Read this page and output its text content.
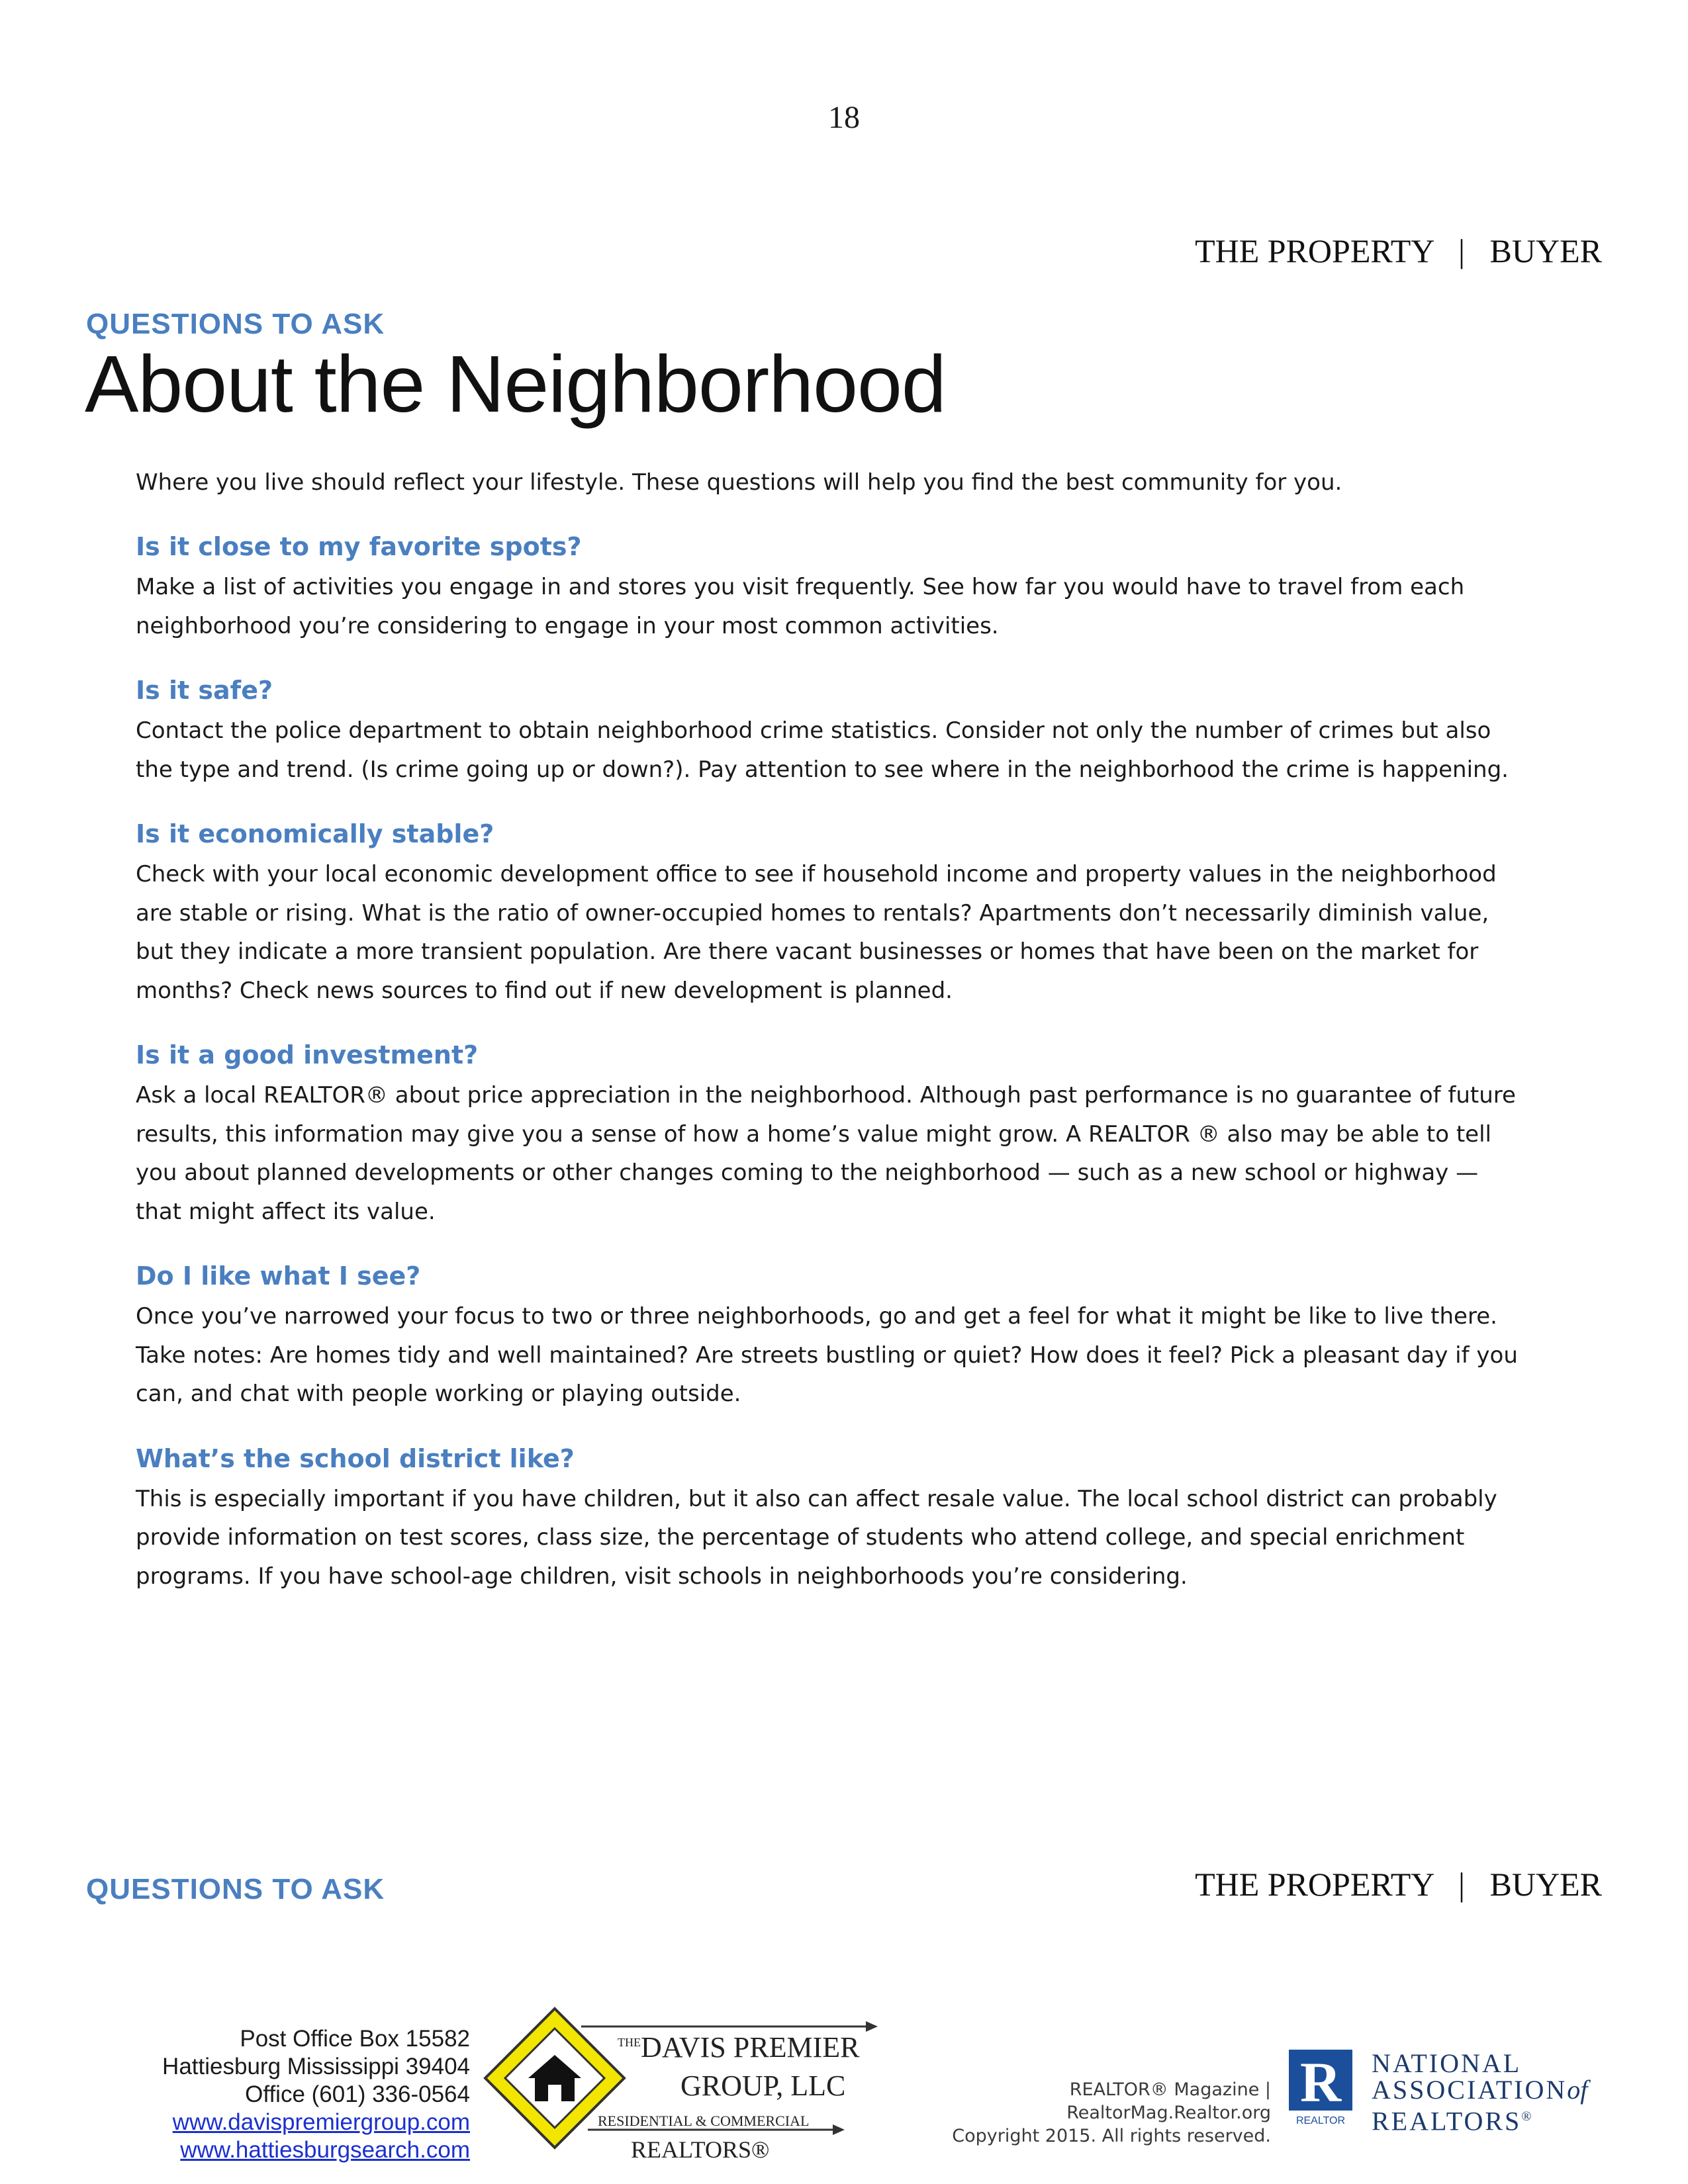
18
THE PROPERTY   |   BUYER
QUESTIONS TO ASK
About the Neighborhood

Where you live should reflect your lifestyle. These questions will help you find the best community for you.

Is it close to my favorite spots?

Make a list of activities you engage in and stores you visit frequently. See how far you would have to travel from each neighborhood you’re considering to engage in your most common activities.

Is it safe?

Contact the police department to obtain neighborhood crime statistics. Consider not only the number of crimes but also the type and trend. (Is crime going up or down?). Pay attention to see where in the neighborhood the crime is happening.

Is it economically stable?

Check with your local economic development office to see if household income and property values in the neighborhood are stable or rising. What is the ratio of owner-occupied homes to rentals? Apartments don’t necessarily diminish value, but they indicate a more transient population. Are there vacant businesses or homes that have been on the market for months? Check news sources to find out if new development is planned.

Is it a good investment?

Ask a local REALTOR® about price appreciation in the neighborhood. Although past performance is no guarantee of future results, this information may give you a sense of how a home’s value might grow. A REALTOR ® also may be able to tell you about planned developments or other changes coming to the neighborhood — such as a new school or highway — that might affect its value.

Do I like what I see?

Once you’ve narrowed your focus to two or three neighborhoods, go and get a feel for what it might be like to live there. Take notes: Are homes tidy and well maintained? Are streets bustling or quiet? How does it feel? Pick a pleasant day if you can, and chat with people working or playing outside.

What’s the school district like?

This is especially important if you have children, but it also can affect resale value. The local school district can probably provide information on test scores, class size, the percentage of students who attend college, and special enrichment programs. If you have school-age children, visit schools in neighborhoods you’re considering.

QUESTIONS TO ASK	THE PROPERTY   |   BUYER
Post Office Box 15582
Hattiesburg Mississippi 39404
Office (601) 336-0564
www.davispremiergroup.com
www.hattiesburgsearch.com
THE DAVIS PREMIER
GROUP, LLC
RESIDENTIAL & COMMERCIAL
REALTORS®
REALTOR® Magazine | RealtorMag.Realtor.org
Copyright 2015. All rights reserved.
R
REALTOR
NATIONAL
ASSOCIATIONof
REALTORS®
